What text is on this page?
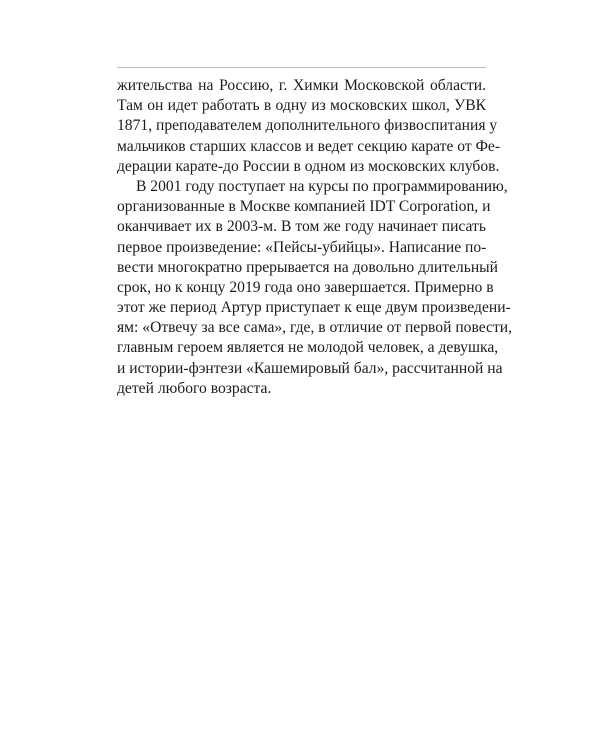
жительства на Россию, г. Химки Московской области.
Там он идет работать в одну из московских школ, УВК
1871, преподавателем дополнительного физвоспитания у
мальчиков старших классов и ведет секцию карате от Фе-
дерации карате-до России в одном из московских клубов.
В 2001 году поступает на курсы по программированию,
организованные в Москве компанией IDT Corporation, и
оканчивает их в 2003-м. В том же году начинает писать
первое произведение: «Пейсы-убийцы». Написание по-
вести многократно прерывается на довольно длительный
срок, но к концу 2019 года оно завершается. Примерно в
этот же период Артур приступает к еще двум произведени-
ям: «Отвечу за все сама», где, в отличие от первой повести,
главным героем является не молодой человек, а девушка,
и истории-фэнтези «Кашемировый бал», рассчитанной на
детей любого возраста.
